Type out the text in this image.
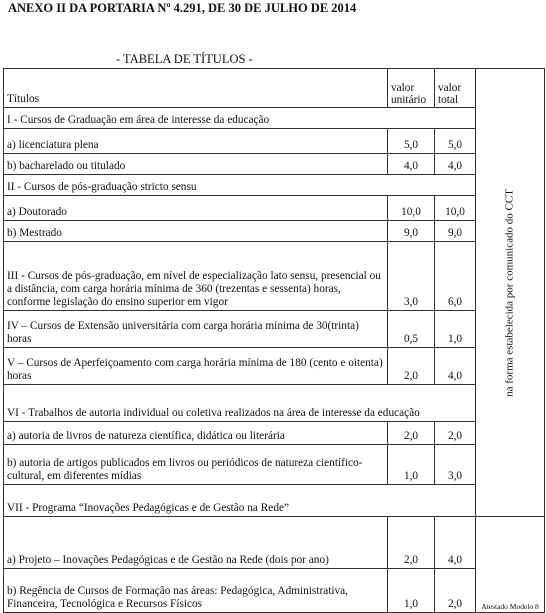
ANEXO II DA PORTARIA Nº 4.291, DE 30 DE JULHO DE 2014
- TABELA DE TÍTULOS -
Títulos	valor unitário	valor total	na forma estabelecida por comunicado do CCT

I - Cursos de Graduação em área de interesse da educação			
a) licenciatura plena	5,0	5,0	
b) bacharelado ou titulado	4,0	4,0	
II - Cursos de pós-graduação stricto sensu			
a) Doutorado	10,0	10,0	
b) Mestrado	9,0	9,0	
III - Cursos de pós-graduação, em nível de especialização lato sensu, presencial ou a distância, com carga horária mínima de 360 (trezentas e sessenta) horas, conforme legislação do ensino superior em vigor	3,0	6,0	
IV – Cursos de Extensão universitária com carga horária mínima de 30(trinta) horas	0,5	1,0	
V – Cursos de Aperfeiçoamento com carga horária mínima de 180 (cento e oitenta) horas	2,0	4,0	
VI - Trabalhos de autoria individual ou coletiva realizados na área de interesse da educação			
a) autoria de livros de natureza científica, didática ou literária	2,0	2,0	
b) autoria de artigos publicados em livros ou periódicos de natureza científico-cultural, em diferentes mídias	1,0	3,0	
VII - Programa “Inovações Pedagógicas e de Gestão na Rede”			
a) Projeto – Inovações Pedagógicas e de Gestão na Rede (dois por ano)	2,0	4,0	Atestado Modelo 8
b) Regência de Cursos de Formação nas áreas: Pedagógica, Administrativa, Financeira, Tecnológica e Recursos Físicos	1,0	2,0	
